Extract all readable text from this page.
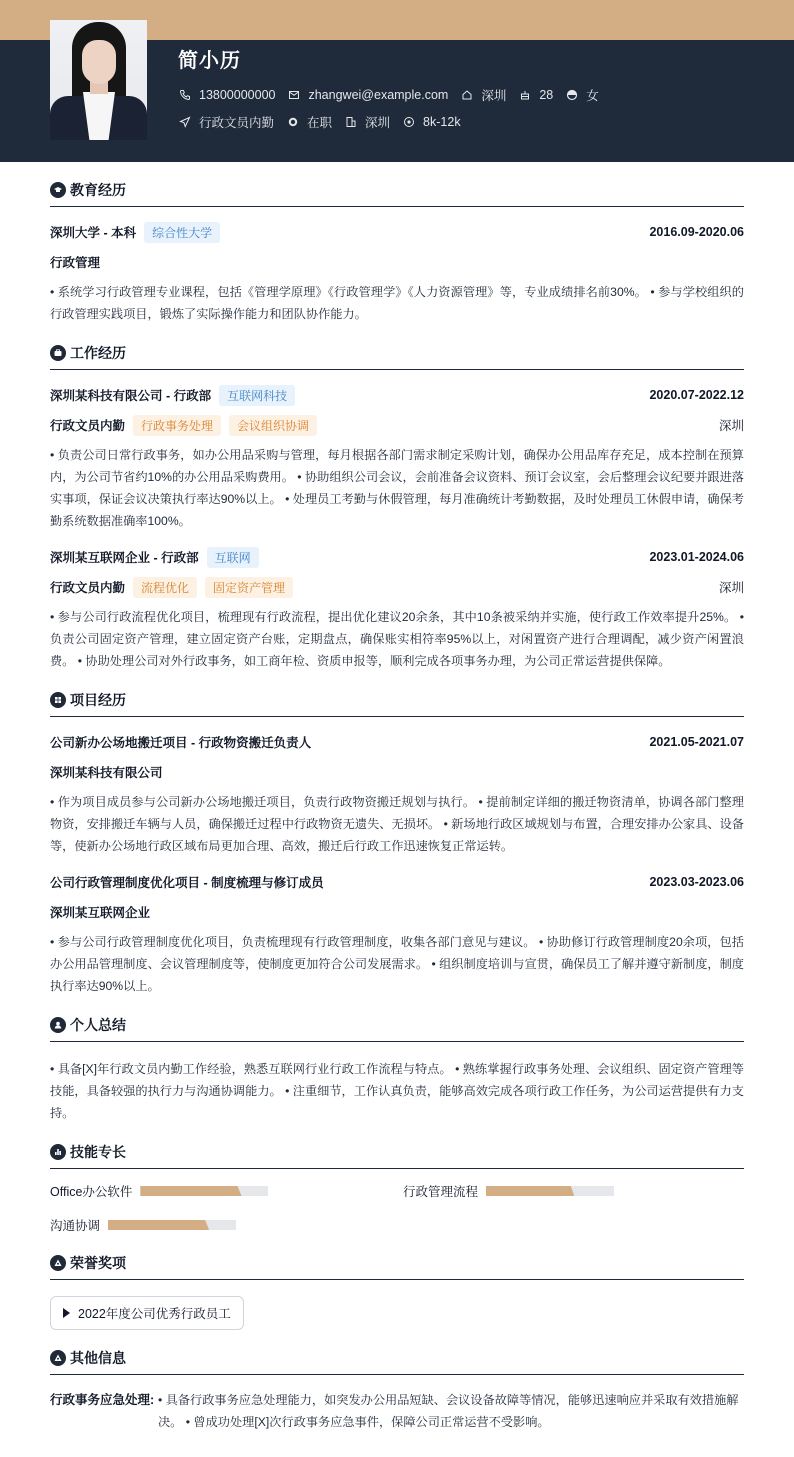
简小历
13800000000	zhangwei@example.com	深圳	28	女
行政文员内勤	在职	深圳	8k-12k
教育经历
深圳大学 - 本科	综合性大学	2016.09-2020.06
行政管理
• 系统学习行政管理专业课程，包括《管理学原理》《行政管理学》《人力资源管理》等，专业成绩排名前30%。 • 参与学校组织的行政管理实践项目，锻炼了实际操作能力和团队协作能力。
工作经历
深圳某科技有限公司 - 行政部	互联网科技	2020.07-2022.12
行政文员内勤	行政事务处理	会议组织协调	深圳
• 负责公司日常行政事务，如办公用品采购与管理，每月根据各部门需求制定采购计划，确保办公用品库存充足，成本控制在预算内，为公司节省约10%的办公用品采购费用。 • 协助组织公司会议，会前准备会议资料、预订会议室，会后整理会议纪要并跟进落实事项，保证会议决策执行率达90%以上。 • 处理员工考勤与休假管理，每月准确统计考勤数据，及时处理员工休假申请，确保考勤系统数据准确率100%。
深圳某互联网企业 - 行政部	互联网	2023.01-2024.06
行政文员内勤	流程优化	固定资产管理	深圳
• 参与公司行政流程优化项目，梳理现有行政流程，提出优化建议20余条，其中10条被采纳并实施，使行政工作效率提升25%。 • 负责公司固定资产管理，建立固定资产台账，定期盘点，确保账实相符率95%以上，对闲置资产进行合理调配，减少资产闲置浪费。 • 协助处理公司对外行政事务，如工商年检、资质申报等，顺利完成各项事务办理，为公司正常运营提供保障。
项目经历
公司新办公场地搬迁项目 - 行政物资搬迁负责人	2021.05-2021.07
深圳某科技有限公司
• 作为项目成员参与公司新办公场地搬迁项目，负责行政物资搬迁规划与执行。 • 提前制定详细的搬迁物资清单，协调各部门整理物资，安排搬迁车辆与人员，确保搬迁过程中行政物资无遗失、无损坏。 • 新场地行政区域规划与布置，合理安排办公家具、设备等，使新办公场地行政区域布局更加合理、高效，搬迁后行政工作迅速恢复正常运转。
公司行政管理制度优化项目 - 制度梳理与修订成员	2023.03-2023.06
深圳某互联网企业
• 参与公司行政管理制度优化项目，负责梳理现有行政管理制度，收集各部门意见与建议。 • 协助修订行政管理制度20余项，包括办公用品管理制度、会议管理制度等，使制度更加符合公司发展需求。 • 组织制度培训与宣贯，确保员工了解并遵守新制度，制度执行率达90%以上。
个人总结
• 具备[X]年行政文员内勤工作经验，熟悉互联网行业行政工作流程与特点。 • 熟练掌握行政事务处理、会议组织、固定资产管理等技能，具备较强的执行力与沟通协调能力。 • 注重细节，工作认真负责，能够高效完成各项行政工作任务，为公司运营提供有力支持。
技能专长
Office办公软件	行政管理流程
沟通协调
荣誉奖项
2022年度公司优秀行政员工
其他信息
行政事务应急处理: • 具备行政事务应急处理能力，如突发办公用品短缺、会议设备故障等情况，能够迅速响应并采取有效措施解决。 • 曾成功处理[X]次行政事务应急事件，保障公司正常运营不受影响。
